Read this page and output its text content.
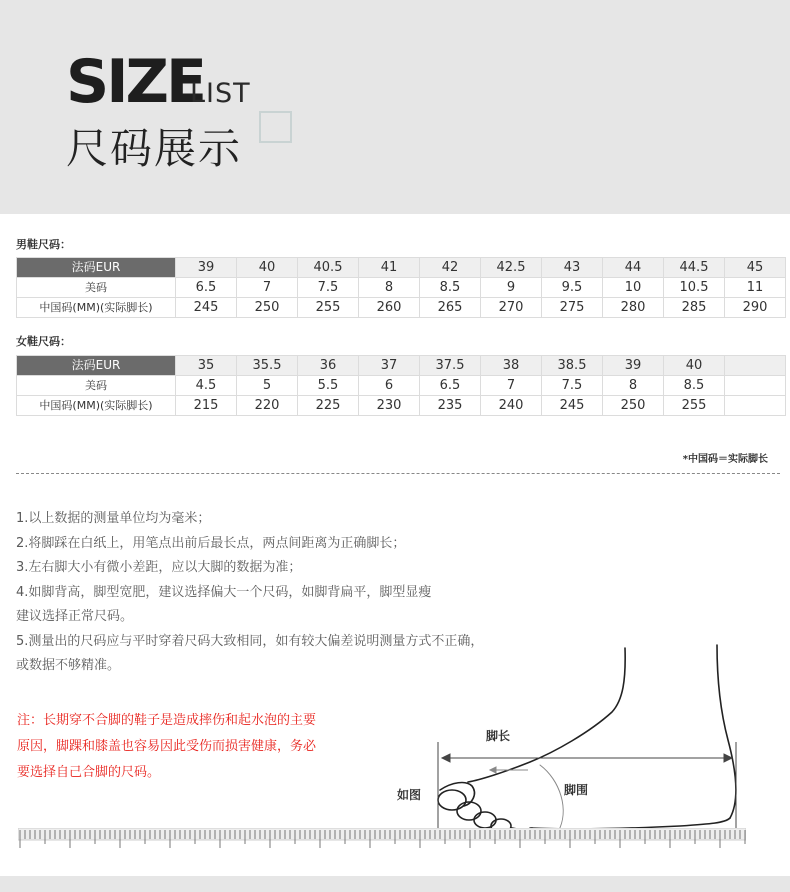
SIZE
LIST
尺码展示
男鞋尺码：
法码EUR	39	40	40.5	41	42	42.5	43	44	44.5	45
美码	6.5	7	7.5	8	8.5	9	9.5	10	10.5	11
中国码(MM)(实际脚长)	245	250	255	260	265	270	275	280	285	290
女鞋尺码：
法码EUR	35	35.5	36	37	37.5	38	38.5	39	40	
美码	4.5	5	5.5	6	6.5	7	7.5	8	8.5	
中国码(MM)(实际脚长)	215	220	225	230	235	240	245	250	255	
*中国码＝实际脚长
1.以上数据的测量单位均为毫米；
2.将脚踩在白纸上，用笔点出前后最长点，两点间距离为正确脚长；
3.左右脚大小有微小差距，应以大脚的数据为准；
4.如脚背高，脚型宽肥，建议选择偏大一个尺码，如脚背扁平，脚型显瘦
建议选择正常尺码。
5.测量出的尺码应与平时穿着尺码大致相同，如有较大偏差说明测量方式不正确，
或数据不够精准。
注：长期穿不合脚的鞋子是造成摔伤和起水泡的主要
原因，脚踝和膝盖也容易因此受伤而损害健康，务必
要选择自己合脚的尺码。
脚长
脚围
如图
